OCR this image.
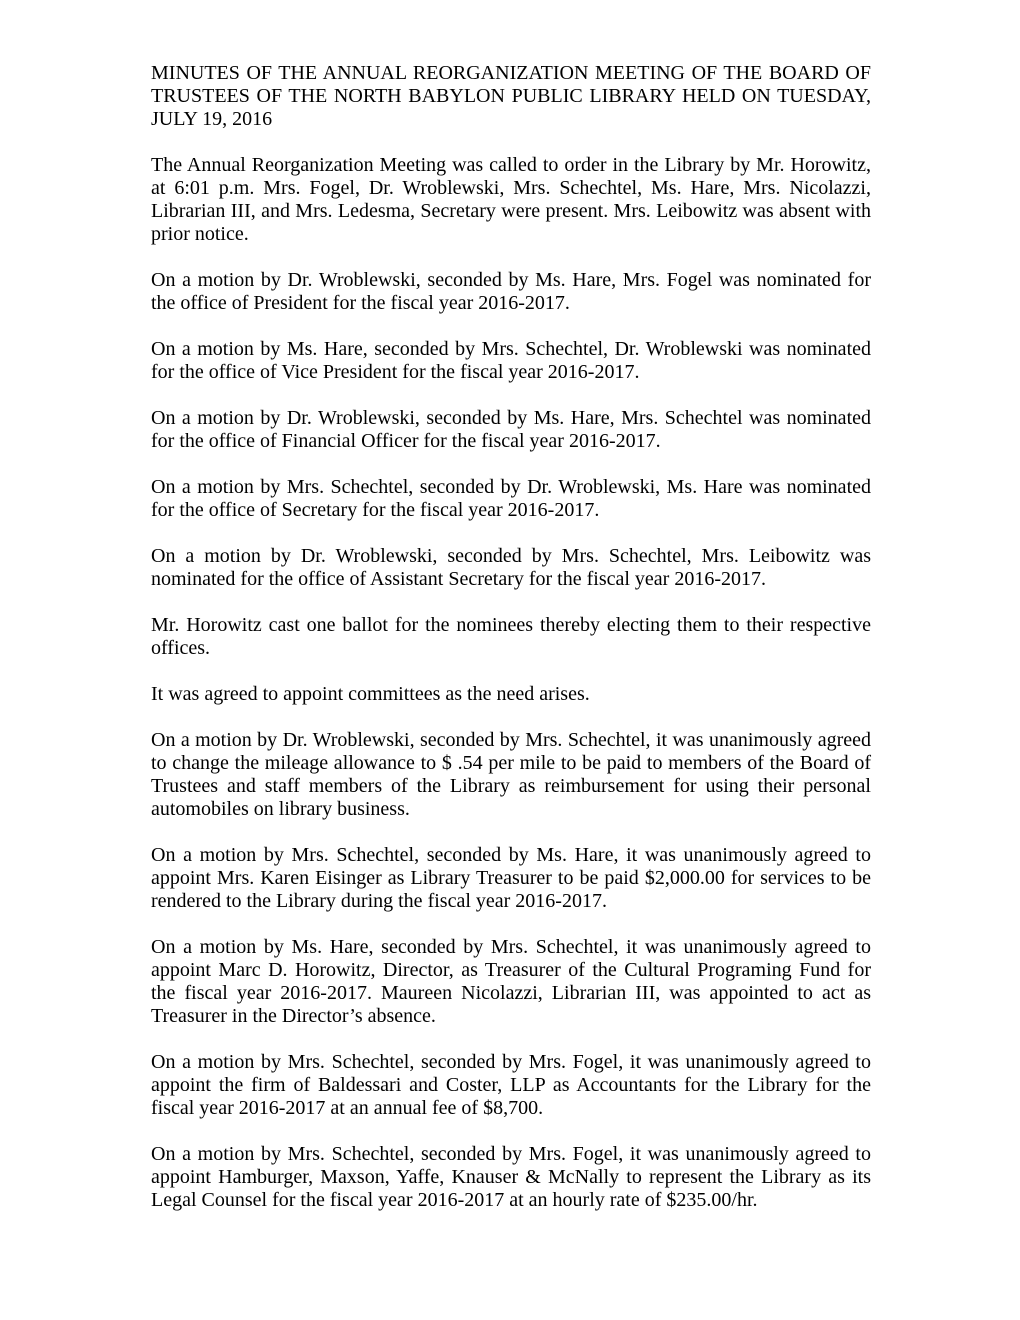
MINUTES OF THE ANNUAL REORGANIZATION MEETING OF THE BOARD OF TRUSTEES OF THE NORTH BABYLON PUBLIC LIBRARY HELD ON TUESDAY, JULY 19, 2016

The Annual Reorganization Meeting was called to order in the Library by Mr. Horowitz, at 6:01 p.m. Mrs. Fogel, Dr. Wroblewski, Mrs. Schechtel, Ms. Hare, Mrs. Nicolazzi, Librarian III, and Mrs. Ledesma, Secretary were present. Mrs. Leibowitz was absent with prior notice.

On a motion by Dr. Wroblewski, seconded by Ms. Hare, Mrs. Fogel was nominated for the office of President for the fiscal year 2016-2017.

On a motion by Ms. Hare, seconded by Mrs. Schechtel, Dr. Wroblewski was nominated for the office of Vice President for the fiscal year 2016-2017.

On a motion by Dr. Wroblewski, seconded by Ms. Hare, Mrs. Schechtel was nominated for the office of Financial Officer for the fiscal year 2016-2017.

On a motion by Mrs. Schechtel, seconded by Dr. Wroblewski, Ms. Hare was nominated for the office of Secretary for the fiscal year 2016-2017.

On a motion by Dr. Wroblewski, seconded by Mrs. Schechtel, Mrs. Leibowitz was nominated for the office of Assistant Secretary for the fiscal year 2016-2017.

Mr. Horowitz cast one ballot for the nominees thereby electing them to their respective offices.

It was agreed to appoint committees as the need arises.

On a motion by Dr. Wroblewski, seconded by Mrs. Schechtel, it was unanimously agreed to change the mileage allowance to $ .54 per mile to be paid to members of the Board of Trustees and staff members of the Library as reimbursement for using their personal automobiles on library business.

On a motion by Mrs. Schechtel, seconded by Ms. Hare, it was unanimously agreed to appoint Mrs. Karen Eisinger as Library Treasurer to be paid $2,000.00 for services to be rendered to the Library during the fiscal year 2016-2017.

On a motion by Ms. Hare, seconded by Mrs. Schechtel, it was unanimously agreed to appoint Marc D. Horowitz, Director, as Treasurer of the Cultural Programing Fund for the fiscal year 2016-2017. Maureen Nicolazzi, Librarian III, was appointed to act as Treasurer in the Director’s absence.

On a motion by Mrs. Schechtel, seconded by Mrs. Fogel, it was unanimously agreed to appoint the firm of Baldessari and Coster, LLP as Accountants for the Library for the fiscal year 2016-2017 at an annual fee of $8,700.

On a motion by Mrs. Schechtel, seconded by Mrs. Fogel, it was unanimously agreed to appoint Hamburger, Maxson, Yaffe, Knauser & McNally to represent the Library as its Legal Counsel for the fiscal year 2016-2017 at an hourly rate of $235.00/hr.
